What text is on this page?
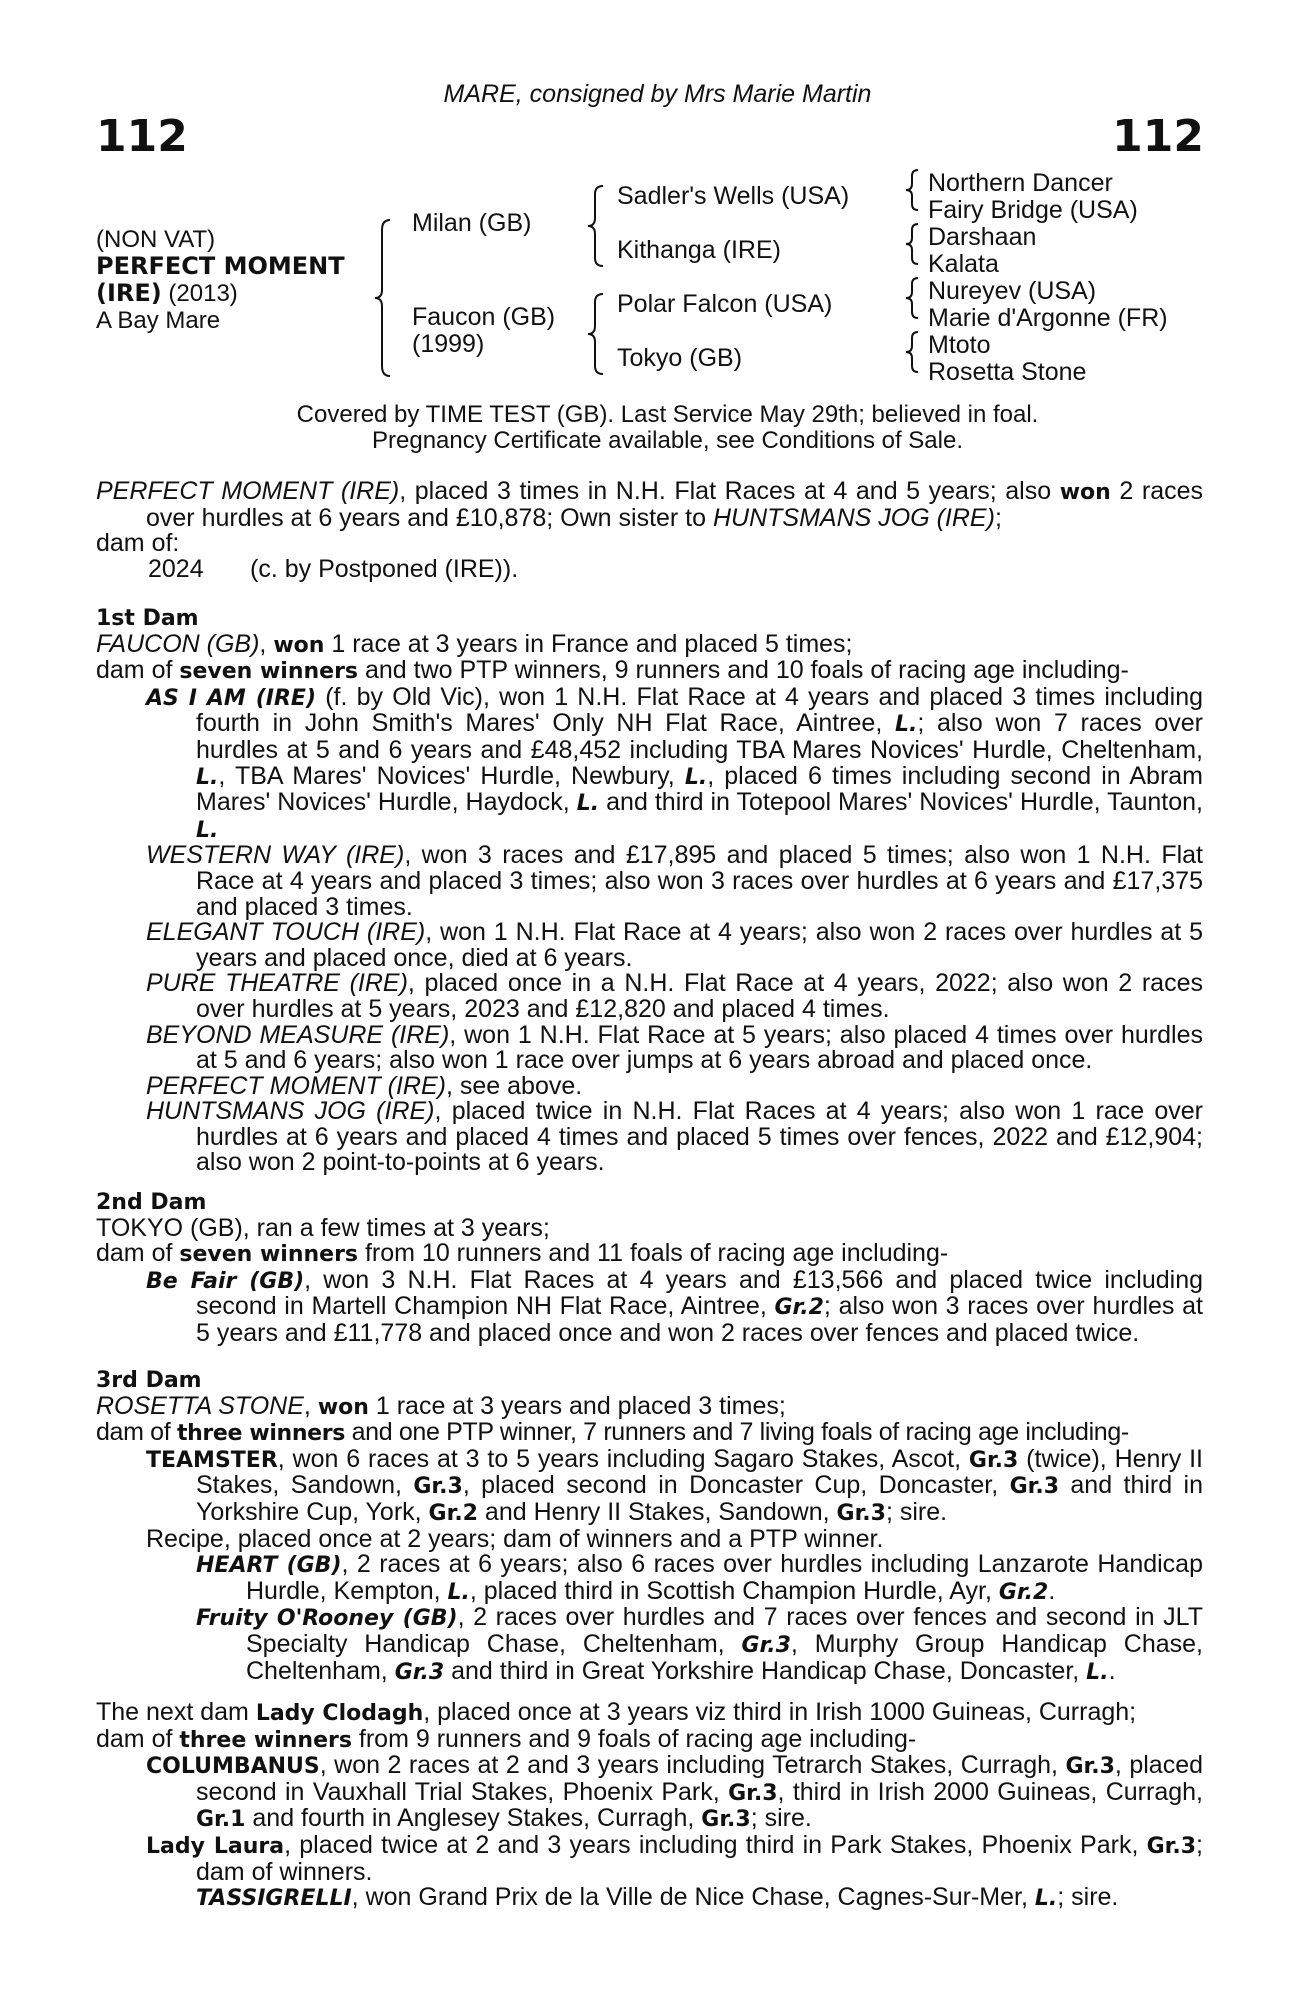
MARE, consigned by Mrs Marie Martin
112	112
(NON VAT)
PERFECT MOMENT
(IRE) (2013)
A Bay Mare
Milan (GB)
Faucon (GB)
(1999)
Sadler's Wells (USA)
Kithanga (IRE)
Polar Falcon (USA)
Tokyo (GB)
Northern Dancer
Fairy Bridge (USA)
Darshaan
Kalata
Nureyev (USA)
Marie d'Argonne (FR)
Mtoto
Rosetta Stone
Covered by TIME TEST (GB). Last Service May 29th; believed in foal.
Pregnancy Certificate available, see Conditions of Sale.
PERFECT MOMENT (IRE), placed 3 times in N.H. Flat Races at 4 and 5 years; also won 2 races over hurdles at 6 years and £10,878; Own sister to HUNTSMANS JOG (IRE);
dam of:
2024 (c. by Postponed (IRE)).
1st Dam
FAUCON (GB), won 1 race at 3 years in France and placed 5 times;
dam of seven winners and two PTP winners, 9 runners and 10 foals of racing age including-
AS I AM (IRE) (f. by Old Vic), won 1 N.H. Flat Race at 4 years and placed 3 times including fourth in John Smith's Mares' Only NH Flat Race, Aintree, L.; also won 7 races over hurdles at 5 and 6 years and £48,452 including TBA Mares Novices' Hurdle, Cheltenham, L., TBA Mares' Novices' Hurdle, Newbury, L., placed 6 times including second in Abram Mares' Novices' Hurdle, Haydock, L. and third in Totepool Mares' Novices' Hurdle, Taunton, L.
WESTERN WAY (IRE), won 3 races and £17,895 and placed 5 times; also won 1 N.H. Flat Race at 4 years and placed 3 times; also won 3 races over hurdles at 6 years and £17,375 and placed 3 times.
ELEGANT TOUCH (IRE), won 1 N.H. Flat Race at 4 years; also won 2 races over hurdles at 5 years and placed once, died at 6 years.
PURE THEATRE (IRE), placed once in a N.H. Flat Race at 4 years, 2022; also won 2 races over hurdles at 5 years, 2023 and £12,820 and placed 4 times.
BEYOND MEASURE (IRE), won 1 N.H. Flat Race at 5 years; also placed 4 times over hurdles at 5 and 6 years; also won 1 race over jumps at 6 years abroad and placed once.
PERFECT MOMENT (IRE), see above.
HUNTSMANS JOG (IRE), placed twice in N.H. Flat Races at 4 years; also won 1 race over hurdles at 6 years and placed 4 times and placed 5 times over fences, 2022 and £12,904; also won 2 point-to-points at 6 years.
2nd Dam
TOKYO (GB), ran a few times at 3 years;
dam of seven winners from 10 runners and 11 foals of racing age including-
Be Fair (GB), won 3 N.H. Flat Races at 4 years and £13,566 and placed twice including second in Martell Champion NH Flat Race, Aintree, Gr.2; also won 3 races over hurdles at 5 years and £11,778 and placed once and won 2 races over fences and placed twice.
3rd Dam
ROSETTA STONE, won 1 race at 3 years and placed 3 times;
dam of three winners and one PTP winner, 7 runners and 7 living foals of racing age including-
TEAMSTER, won 6 races at 3 to 5 years including Sagaro Stakes, Ascot, Gr.3 (twice), Henry II Stakes, Sandown, Gr.3, placed second in Doncaster Cup, Doncaster, Gr.3 and third in Yorkshire Cup, York, Gr.2 and Henry II Stakes, Sandown, Gr.3; sire.
Recipe, placed once at 2 years; dam of winners and a PTP winner.
HEART (GB), 2 races at 6 years; also 6 races over hurdles including Lanzarote Handicap Hurdle, Kempton, L., placed third in Scottish Champion Hurdle, Ayr, Gr.2.
Fruity O'Rooney (GB), 2 races over hurdles and 7 races over fences and second in JLT Specialty Handicap Chase, Cheltenham, Gr.3, Murphy Group Handicap Chase, Cheltenham, Gr.3 and third in Great Yorkshire Handicap Chase, Doncaster, L..
The next dam Lady Clodagh, placed once at 3 years viz third in Irish 1000 Guineas, Curragh;
dam of three winners from 9 runners and 9 foals of racing age including-
COLUMBANUS, won 2 races at 2 and 3 years including Tetrarch Stakes, Curragh, Gr.3, placed second in Vauxhall Trial Stakes, Phoenix Park, Gr.3, third in Irish 2000 Guineas, Curragh, Gr.1 and fourth in Anglesey Stakes, Curragh, Gr.3; sire.
Lady Laura, placed twice at 2 and 3 years including third in Park Stakes, Phoenix Park, Gr.3; dam of winners.
TASSIGRELLI, won Grand Prix de la Ville de Nice Chase, Cagnes-Sur-Mer, L.; sire.
